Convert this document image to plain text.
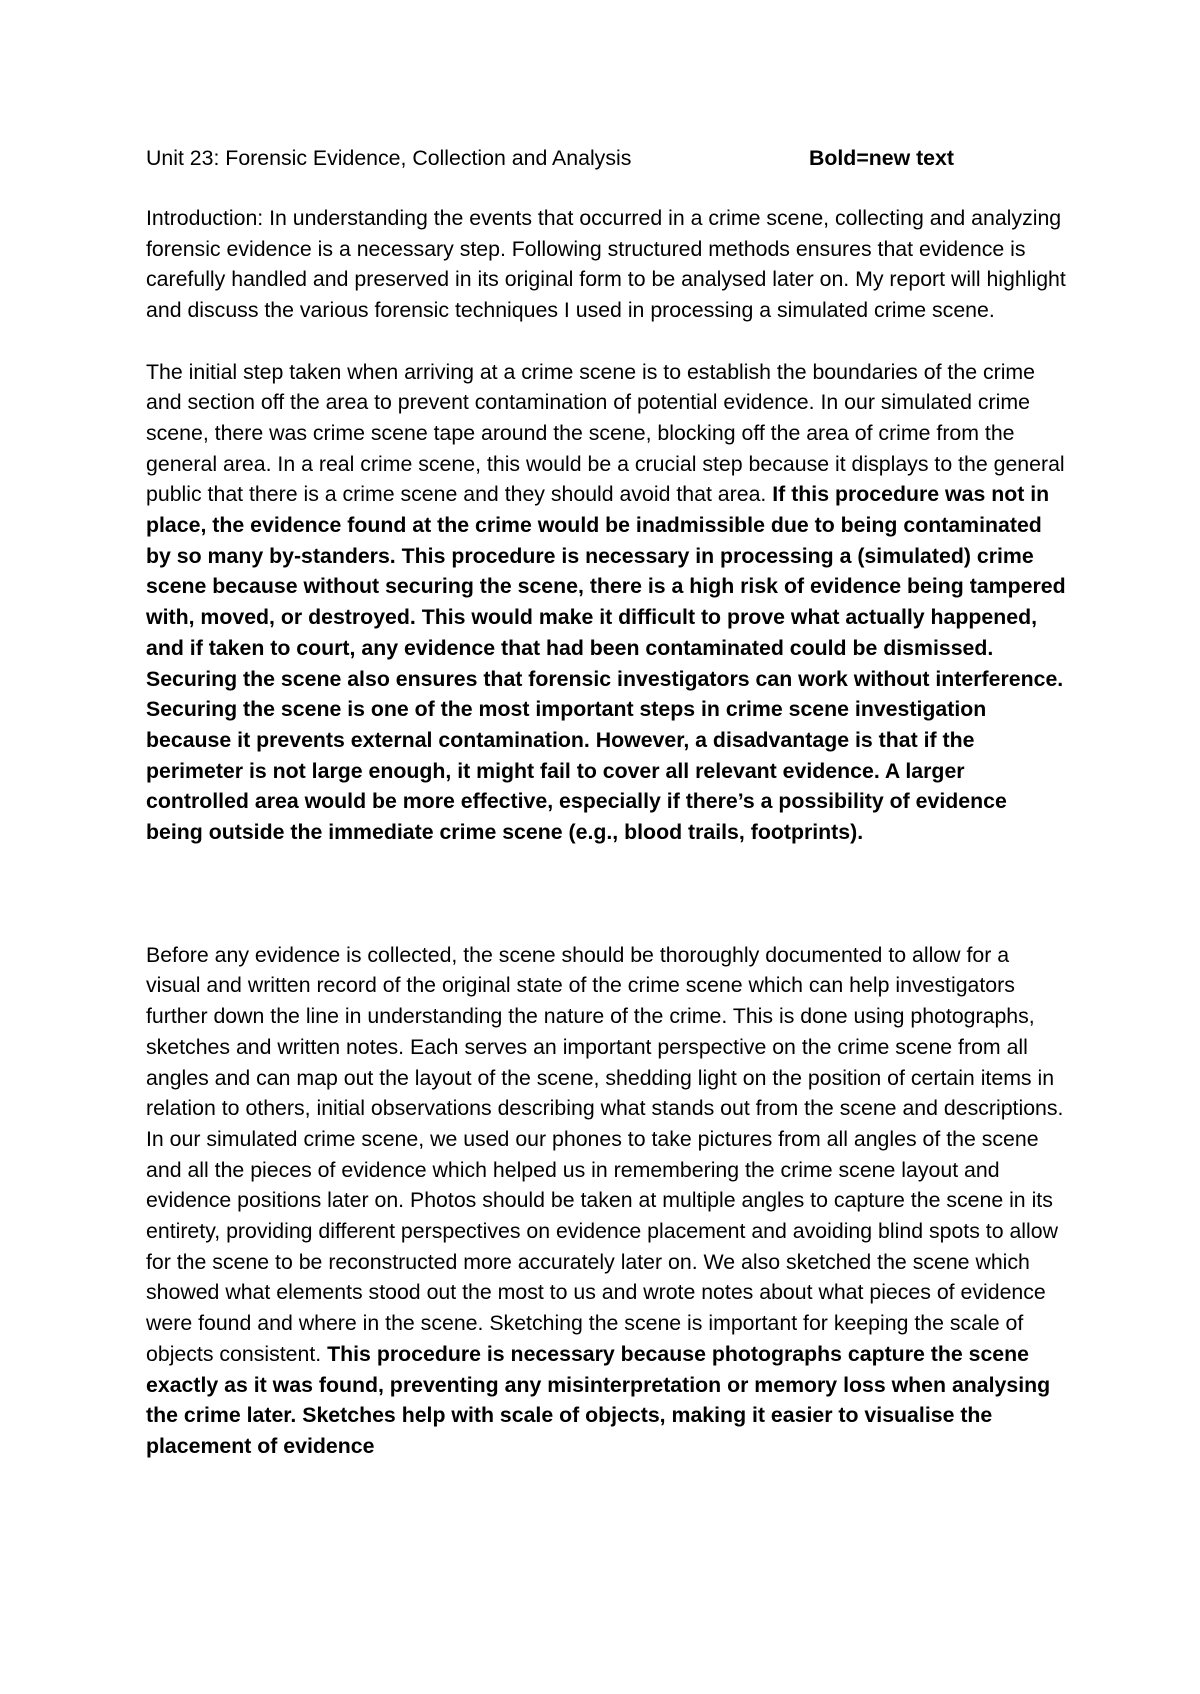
Unit 23: Forensic Evidence, Collection and Analysis	Bold=new text

Introduction: In understanding the events that occurred in a crime scene, collecting and analyzing forensic evidence is a necessary step. Following structured methods ensures that evidence is carefully handled and preserved in its original form to be analysed later on. My report will highlight and discuss the various forensic techniques I used in processing a simulated crime scene.

The initial step taken when arriving at a crime scene is to establish the boundaries of the crime and section off the area to prevent contamination of potential evidence. In our simulated crime scene, there was crime scene tape around the scene, blocking off the area of crime from the general area. In a real crime scene, this would be a crucial step because it displays to the general public that there is a crime scene and they should avoid that area. If this procedure was not in place, the evidence found at the crime would be inadmissible due to being contaminated by so many by-standers. This procedure is necessary in processing a (simulated) crime scene because without securing the scene, there is a high risk of evidence being tampered with, moved, or destroyed. This would make it difficult to prove what actually happened, and if taken to court, any evidence that had been contaminated could be dismissed. Securing the scene also ensures that forensic investigators can work without interference. Securing the scene is one of the most important steps in crime scene investigation because it prevents external contamination. However, a disadvantage is that if the perimeter is not large enough, it might fail to cover all relevant evidence. A larger controlled area would be more effective, especially if there’s a possibility of evidence being outside the immediate crime scene (e.g., blood trails, footprints).

Before any evidence is collected, the scene should be thoroughly documented to allow for a visual and written record of the original state of the crime scene which can help investigators further down the line in understanding the nature of the crime. This is done using photographs, sketches and written notes. Each serves an important perspective on the crime scene from all angles and can map out the layout of the scene, shedding light on the position of certain items in relation to others, initial observations describing what stands out from the scene and descriptions. In our simulated crime scene, we used our phones to take pictures from all angles of the scene and all the pieces of evidence which helped us in remembering the crime scene layout and evidence positions later on. Photos should be taken at multiple angles to capture the scene in its entirety, providing different perspectives on evidence placement and avoiding blind spots to allow for the scene to be reconstructed more accurately later on. We also sketched the scene which showed what elements stood out the most to us and wrote notes about what pieces of evidence were found and where in the scene. Sketching the scene is important for keeping the scale of objects consistent. This procedure is necessary because photographs capture the scene exactly as it was found, preventing any misinterpretation or memory loss when analysing the crime later. Sketches help with scale of objects, making it easier to visualise the placement of evidence
